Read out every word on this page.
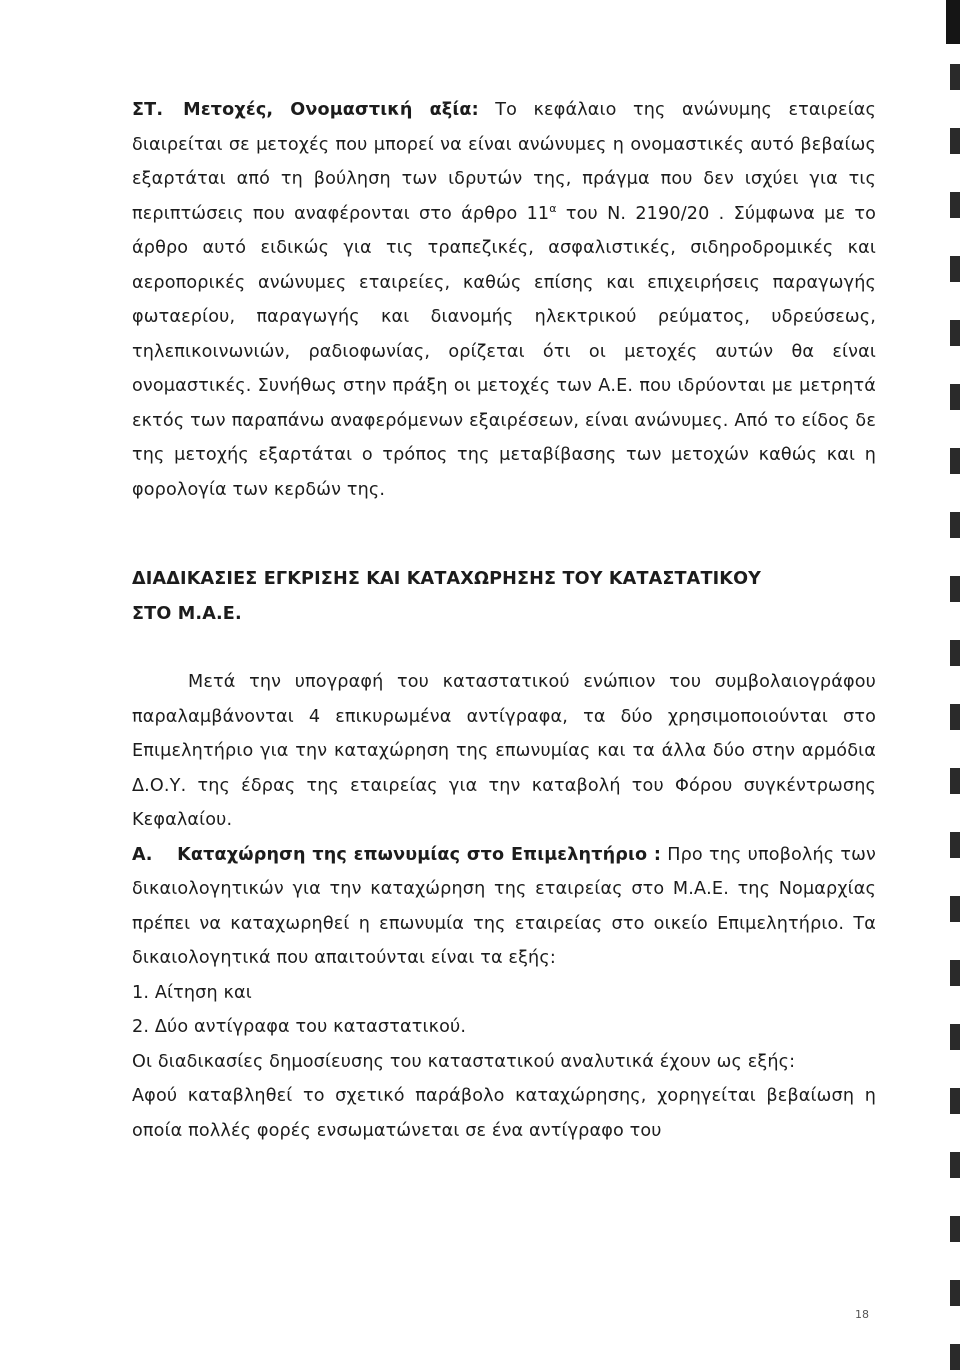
ΣΤ. Μετοχές, Ονομαστική αξία: Το κεφάλαιο της ανώνυμης εταιρείας διαιρείται σε μετοχές που μπορεί να είναι ανώνυμες η ονομαστικές αυτό βεβαίως εξαρτάται από τη βούληση των ιδρυτών της, πράγμα που δεν ισχύει για τις περιπτώσεις που αναφέρονται στο άρθρο $11^\alpha$ του Ν. 2190/20 . Σύμφωνα με το άρθρο αυτό ειδικώς για τις τραπεζικές, ασφαλιστικές, σιδηροδρομικές και αεροπορικές ανώνυμες εταιρείες, καθώς επίσης και επιχειρήσεις παραγωγής φωταερίου, παραγωγής και διανομής ηλεκτρικού ρεύματος, υδρεύσεως, τηλεπικοινωνιών, ραδιοφωνίας, ορίζεται ότι οι μετοχές αυτών θα είναι ονομαστικές. Συνήθως στην πράξη οι μετοχές των Α.Ε. που ιδρύονται με μετρητά εκτός των παραπάνω αναφερόμενων εξαιρέσεων, είναι ανώνυμες. Από το είδος δε της μετοχής εξαρτάται ο τρόπος της μεταβίβασης των μετοχών καθώς και η φορολογία των κερδών της.

ΔΙΑΔΙΚΑΣΙΕΣ ΕΓΚΡΙΣΗΣ ΚΑΙ ΚΑΤΑΧΩΡΗΣΗΣ ΤΟΥ ΚΑΤΑΣΤΑΤΙΚΟΥ

ΣΤΟ Μ.Α.Ε.

Μετά την υπογραφή του καταστατικού ενώπιον του συμβολαιογράφου παραλαμβάνονται 4 επικυρωμένα αντίγραφα, τα δύο χρησιμοποιούνται στο Επιμελητήριο για την καταχώρηση της επωνυμίας και τα άλλα δύο στην αρμόδια Δ.Ο.Υ. της έδρας της εταιρείας για την καταβολή του Φόρου συγκέντρωσης Κεφαλαίου.

Α. Καταχώρηση της επωνυμίας στο Επιμελητήριο : Προ της υποβολής των δικαιολογητικών για την καταχώρηση της εταιρείας στο Μ.Α.Ε. της Νομαρχίας πρέπει να καταχωρηθεί η επωνυμία της εταιρείας στο οικείο Επιμελητήριο. Τα δικαιολογητικά που απαιτούνται είναι τα εξής:

1. Αίτηση και

2. Δύο αντίγραφα του καταστατικού.

Οι διαδικασίες δημοσίευσης του καταστατικού αναλυτικά έχουν ως εξής:

Αφού καταβληθεί το σχετικό παράβολο καταχώρησης, χορηγείται βεβαίωση η οποία πολλές φορές ενσωματώνεται σε ένα αντίγραφο του

18
